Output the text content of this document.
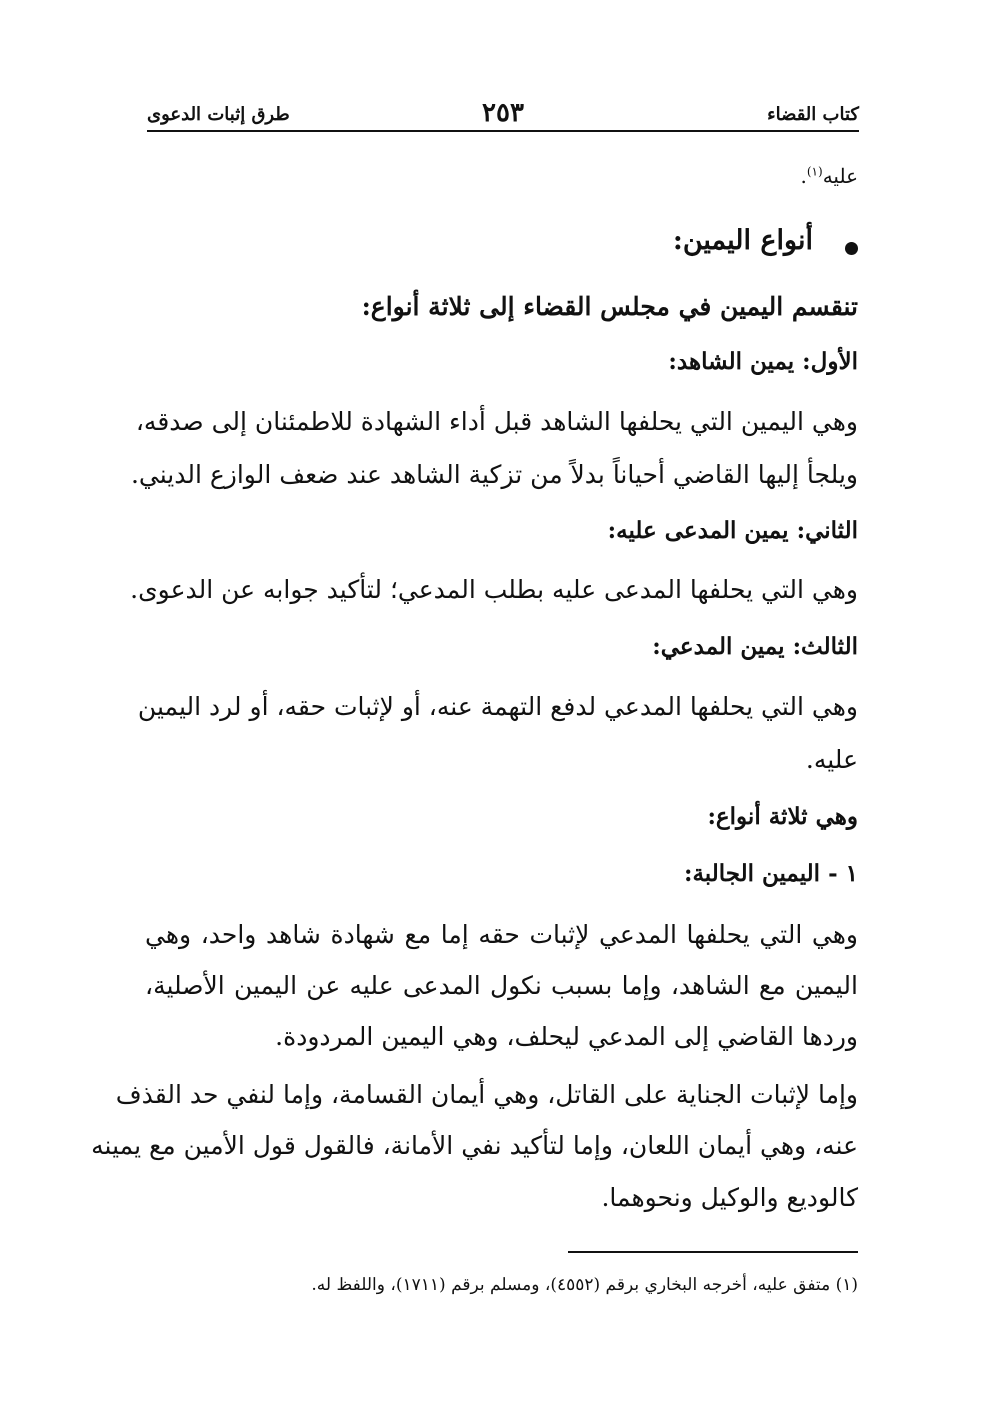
كتاب القضاء
٢٥٣
طرق إثبات الدعوى
عليه$^{(١)}$.
أنواع اليمين:
تنقسم اليمين في مجلس القضاء إلى ثلاثة أنواع:
الأول: يمين الشاهد:
وهي اليمين التي يحلفها الشاهد قبل أداء الشهادة للاطمئنان إلى صدقه،
ويلجأ إليها القاضي أحياناً بدلاً من تزكية الشاهد عند ضعف الوازع الديني.
الثاني: يمين المدعى عليه:
وهي التي يحلفها المدعى عليه بطلب المدعي؛ لتأكيد جوابه عن الدعوى.
الثالث: يمين المدعي:
وهي التي يحلفها المدعي لدفع التهمة عنه، أو لإثبات حقه، أو لرد اليمين
عليه.
وهي ثلاثة أنواع:
١ - اليمين الجالبة:
وهي التي يحلفها المدعي لإثبات حقه إما مع شهادة شاهد واحد، وهي
اليمين مع الشاهد، وإما بسبب نكول المدعى عليه عن اليمين الأصلية،
وردها القاضي إلى المدعي ليحلف، وهي اليمين المردودة.
وإما لإثبات الجناية على القاتل، وهي أيمان القسامة، وإما لنفي حد القذف
عنه، وهي أيمان اللعان، وإما لتأكيد نفي الأمانة، فالقول قول الأمين مع يمينه
كالوديع والوكيل ونحوهما.
(١) متفق عليه، أخرجه البخاري برقم (٤٥٥٢)، ومسلم برقم (١٧١١)، واللفظ له.
